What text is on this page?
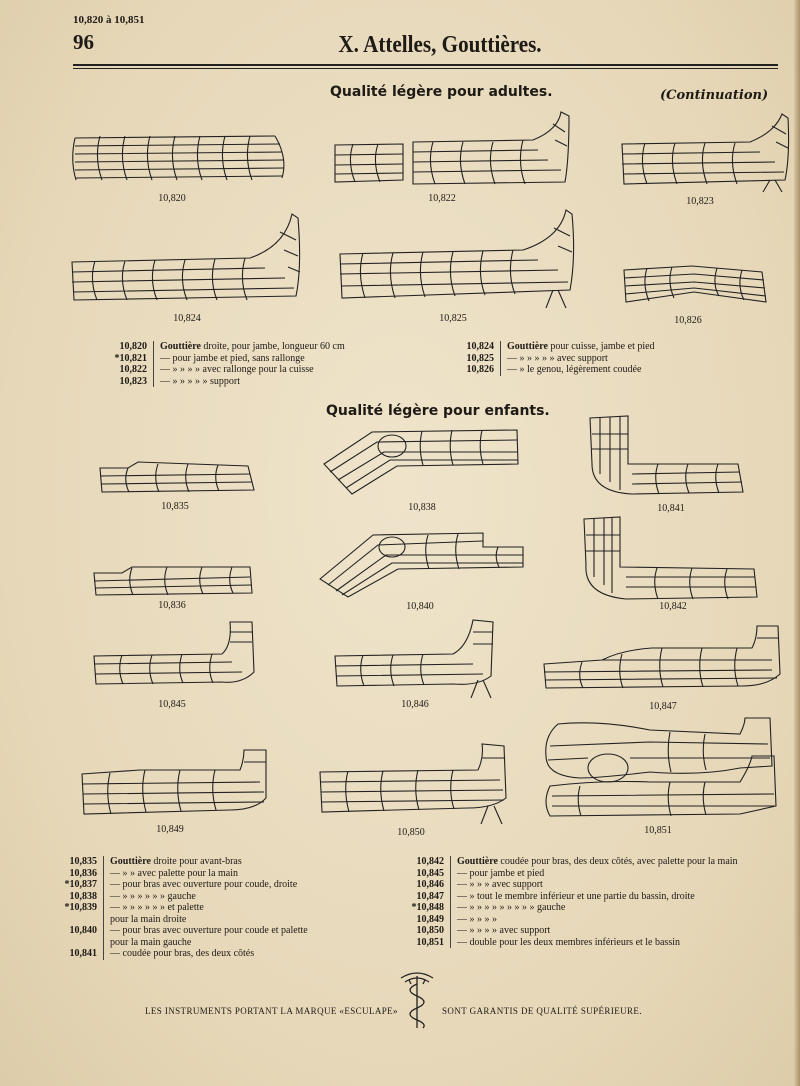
10,820 à 10,851
96	X. Attelles, Gouttières.
Qualité légère pour adultes.	(Continuation)
10,820	10,822	10,823
10,824	10,825	10,826
10,820	Gouttière droite, pour jambe, longueur 60 cm
*10,821	— pour jambe et pied, sans rallonge
10,822	— » » » » avec rallonge pour la cuisse
10,823	— » » » » » support
10,824	Gouttière pour cuisse, jambe et pied
10,825	— » » » » » avec support
10,826	— » le genou, légèrement coudée
Qualité légère pour enfants.
10,835	10,838	10,841
10,836	10,840	10,842
10,845	10,846	10,847
10,849	10,850	10,851
10,835	Gouttière droite pour avant-bras
10,836	— » » avec palette pour la main
*10,837	— pour bras avec ouverture pour coude, droite
10,838	— » » » » » » gauche
*10,839	— » » » » » » et palette
pour la main droite
10,840	— pour bras avec ouverture pour coude et palette
pour la main gauche
10,841	— coudée pour bras, des deux côtés
10,842	Gouttière coudée pour bras, des deux côtés, avec palette pour la main
10,845	— pour jambe et pied
10,846	— » » » avec support
10,847	— » tout le membre inférieur et une partie du bassin, droite
*10,848	— » » » » » » » » » gauche
10,849	— » » » »
10,850	— » » » » avec support
10,851	— double pour les deux membres inférieurs et le bassin
LES INSTRUMENTS PORTANT LA MARQUE «ESCULAPE»	SONT GARANTIS DE QUALITÉ SUPÉRIEURE.
